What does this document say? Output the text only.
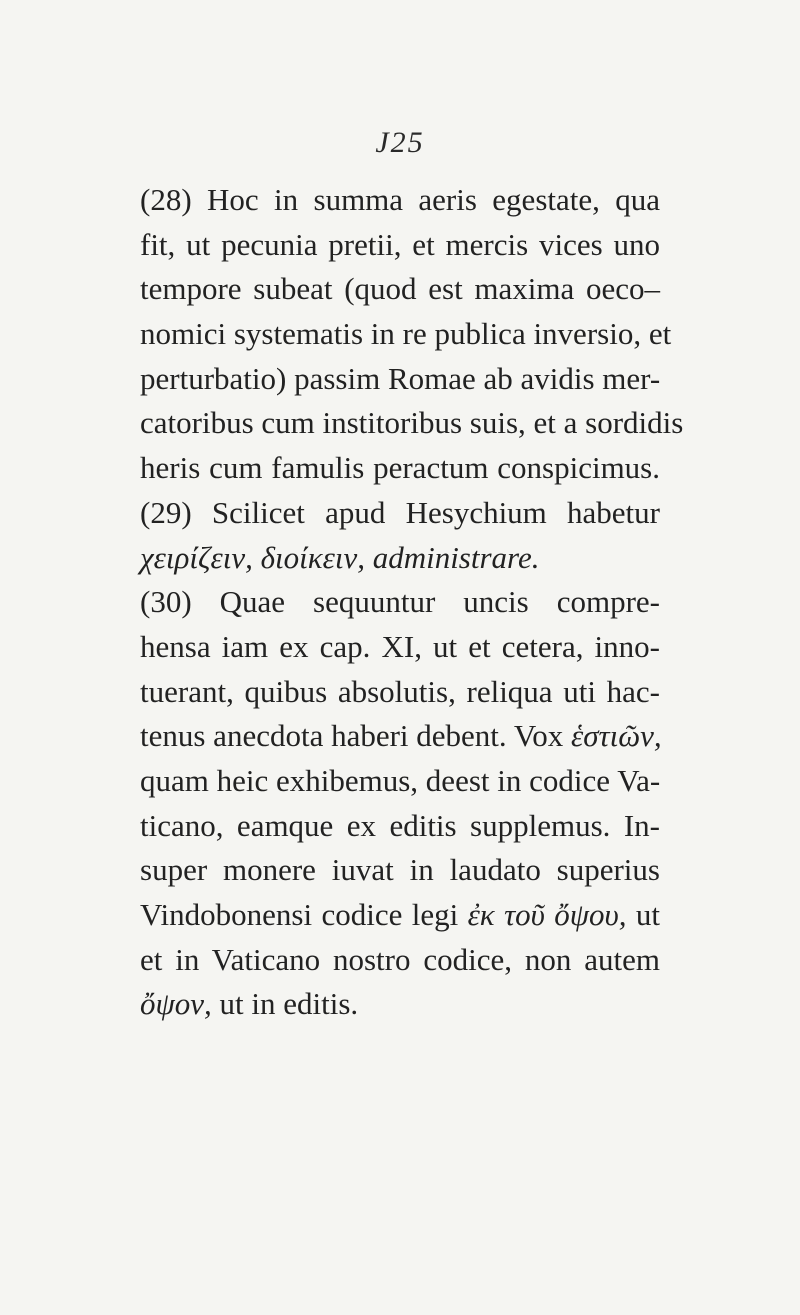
J25
(28) Hoc in summa aeris egestate, qua
fit, ut pecunia pretii, et mercis vices uno
tempore subeat (quod est maxima oeco–
nomici systematis in re publica inversio, et
perturbatio) passim Romae ab avidis mer-
catoribus cum institoribus suis, et a sordidis
heris cum famulis peractum conspicimus.
(29) Scilicet apud Hesychium habetur
χειρίζειν, διοίκειν, administrare.
(30) Quae sequuntur uncis compre-
hensa iam ex cap. XI, ut et cetera, inno-
tuerant, quibus absolutis, reliqua uti hac-
tenus anecdota haberi debent. Vox ἑστιῶν,
quam heic exhibemus, deest in codice Va-
ticano, eamque ex editis supplemus. In-
super monere iuvat in laudato superius
Vindobonensi codice legi ἐκ τοῦ ὄψου, ut
et in Vaticano nostro codice, non autem
ὄψον, ut in editis.
